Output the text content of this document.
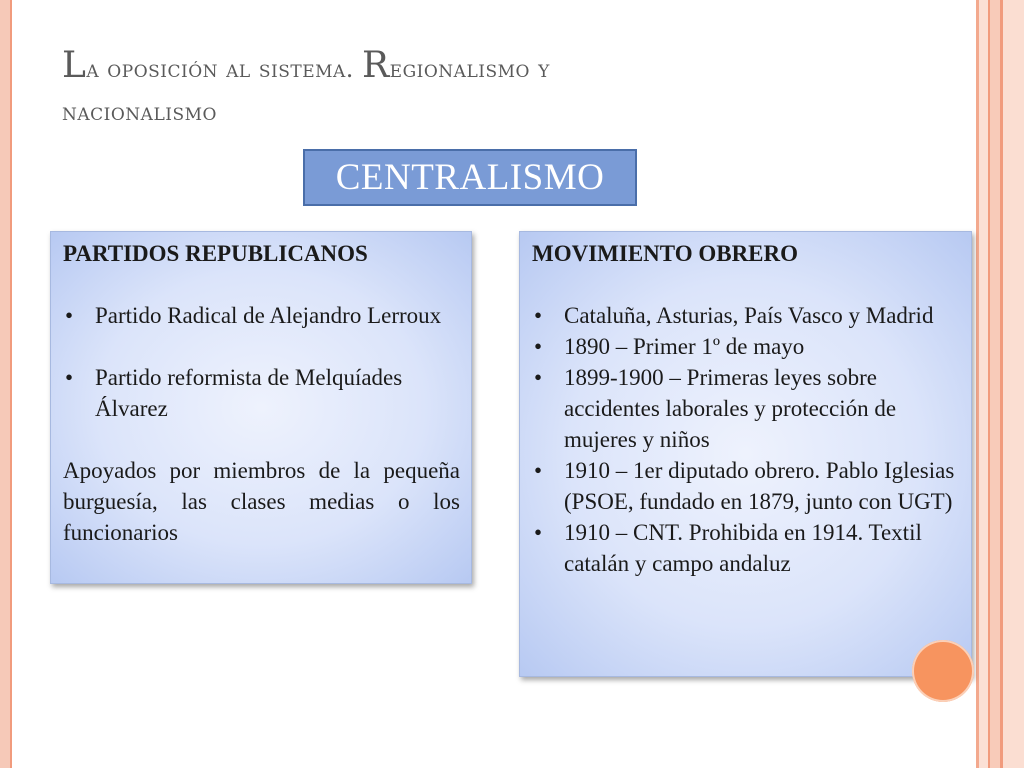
La oposición al sistema. Regionalismo y
nacionalismo
CENTRALISMO
PARTIDOS REPUBLICANOS
• Partido Radical de Alejandro Lerroux
• Partido reformista de Melquíades Álvarez
Apoyados por miembros de la pequeña burguesía, las clases medias o los funcionarios
MOVIMIENTO OBRERO
• Cataluña, Asturias, País Vasco y Madrid
• 1890 – Primer 1º de mayo
• 1899-1900 – Primeras leyes sobre accidentes laborales y protección de mujeres y niños
• 1910 – 1er diputado obrero. Pablo Iglesias (PSOE, fundado en 1879, junto con UGT)
• 1910 – CNT. Prohibida en 1914. Textil catalán y campo andaluz
